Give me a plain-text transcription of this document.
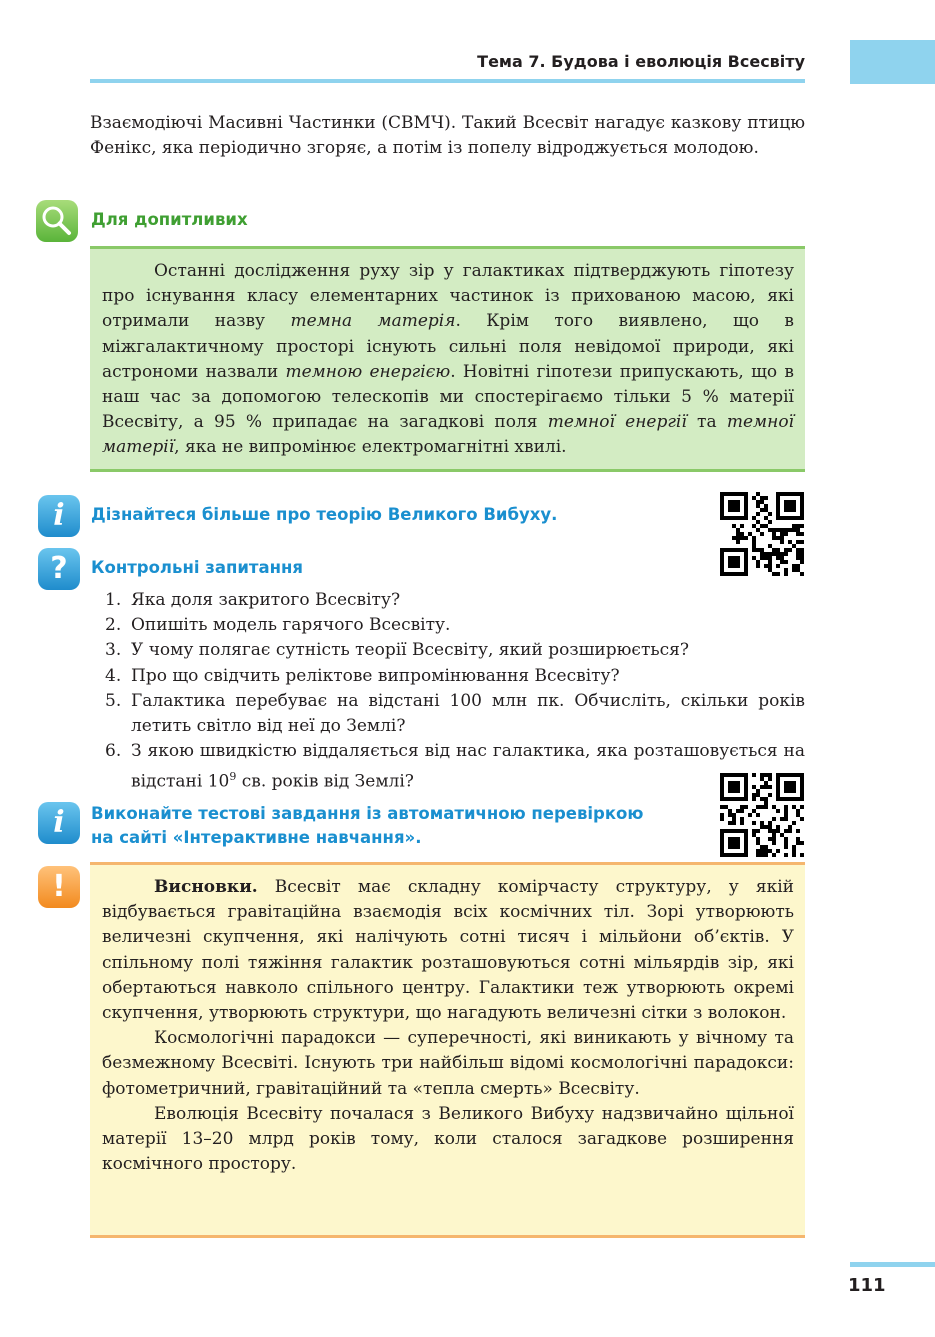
Тема 7. Будова і еволюція Всесвіту

Взаємодіючі Масивні Частинки (СВМЧ). Такий Всесвіт нагадує казкову птицю Фенікс, яка періодично згоряє, а потім із попелу відроджується молодою.

Для допитливих

Останні дослідження руху зір у галактиках підтверджують гіпотезу про існування класу елементарних частинок із прихованою масою, які отримали назву темна матерія. Крім того виявлено, що в міжгалактичному просторі існують сильні поля невідомої природи, які астрономи назвали темною енергією. Новітні гіпотези припускають, що в наш час за допомогою телескопів ми спостерігаємо тільки 5 % матерії Всесвіту, а 95 % припадає на загадкові поля темної енергії та темної матерії, яка не випромінює електромагнітні хвилі.

i	Дізнайтеся більше про теорію Великого Вибуху.
?	Контрольні запитання
1. Яка доля закритого Всесвіту?
2. Опишіть модель гарячого Всесвіту.
3. У чому полягає сутність теорії Всесвіту, який розширюється?
4. Про що свідчить реліктове випромінювання Всесвіту?
5. Галактика перебуває на відстані 100 млн пк. Обчисліть, скільки років летить світло від неї до Землі?
6. З якою швидкістю віддаляється від нас галактика, яка розташовується на відстані $10^9$ св. років від Землі?
i	Виконайте тестові завдання із автоматичною перевіркою
на сайті «Інтерактивне навчання».
!	Висновки. Всесвіт має складну комірчасту структуру, у якій відбувається гравітаційна взаємодія всіх космічних тіл. Зорі утворюють величезні скупчення, які налічують сотні тисяч і мільйони об’єктів. У спільному полі тяжіння галактик розташовуються сотні мільярдів зір, які обертаються навколо спільного центру. Галактики теж утворюють окремі скупчення, утворюють структури, що нагадують величезні сітки з волокон.

Космологічні парадокси — суперечності, які виникають у вічному та безмежному Всесвіті. Існують три найбільш відомі космологічні парадокси: фотометричний, гравітаційний та «тепла смерть» Всесвіту.

Еволюція Всесвіту почалася з Великого Вибуху надзвичайно щільної матерії 13–20 млрд років тому, коли сталося загадкове розширення космічного простору.

111
